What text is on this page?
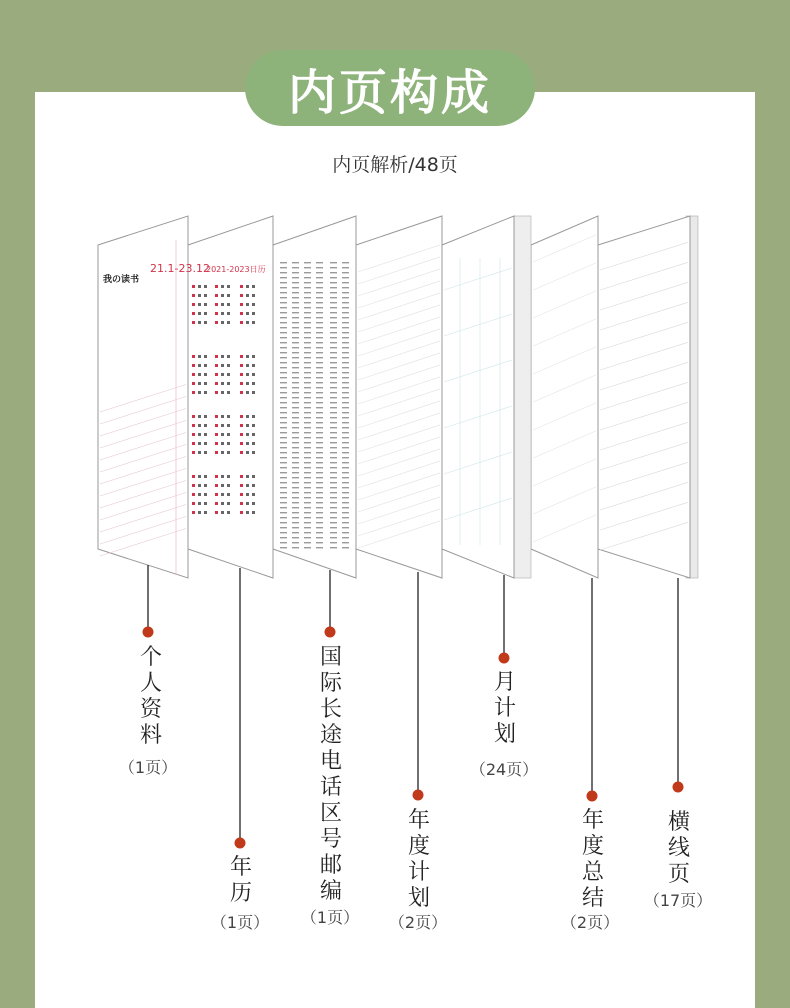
内页构成
内页解析/48页
2021-2023日历
我の读书
21.1-23.12
个
人
资
料
（1页）
年
历
（1页）
国
际
长
途
电
话
区
号
邮
编
（1页）
年
度
计
划
（2页）
月
计
划
（24页）
年
度
总
结
（2页）
横
线
页
（17页）
